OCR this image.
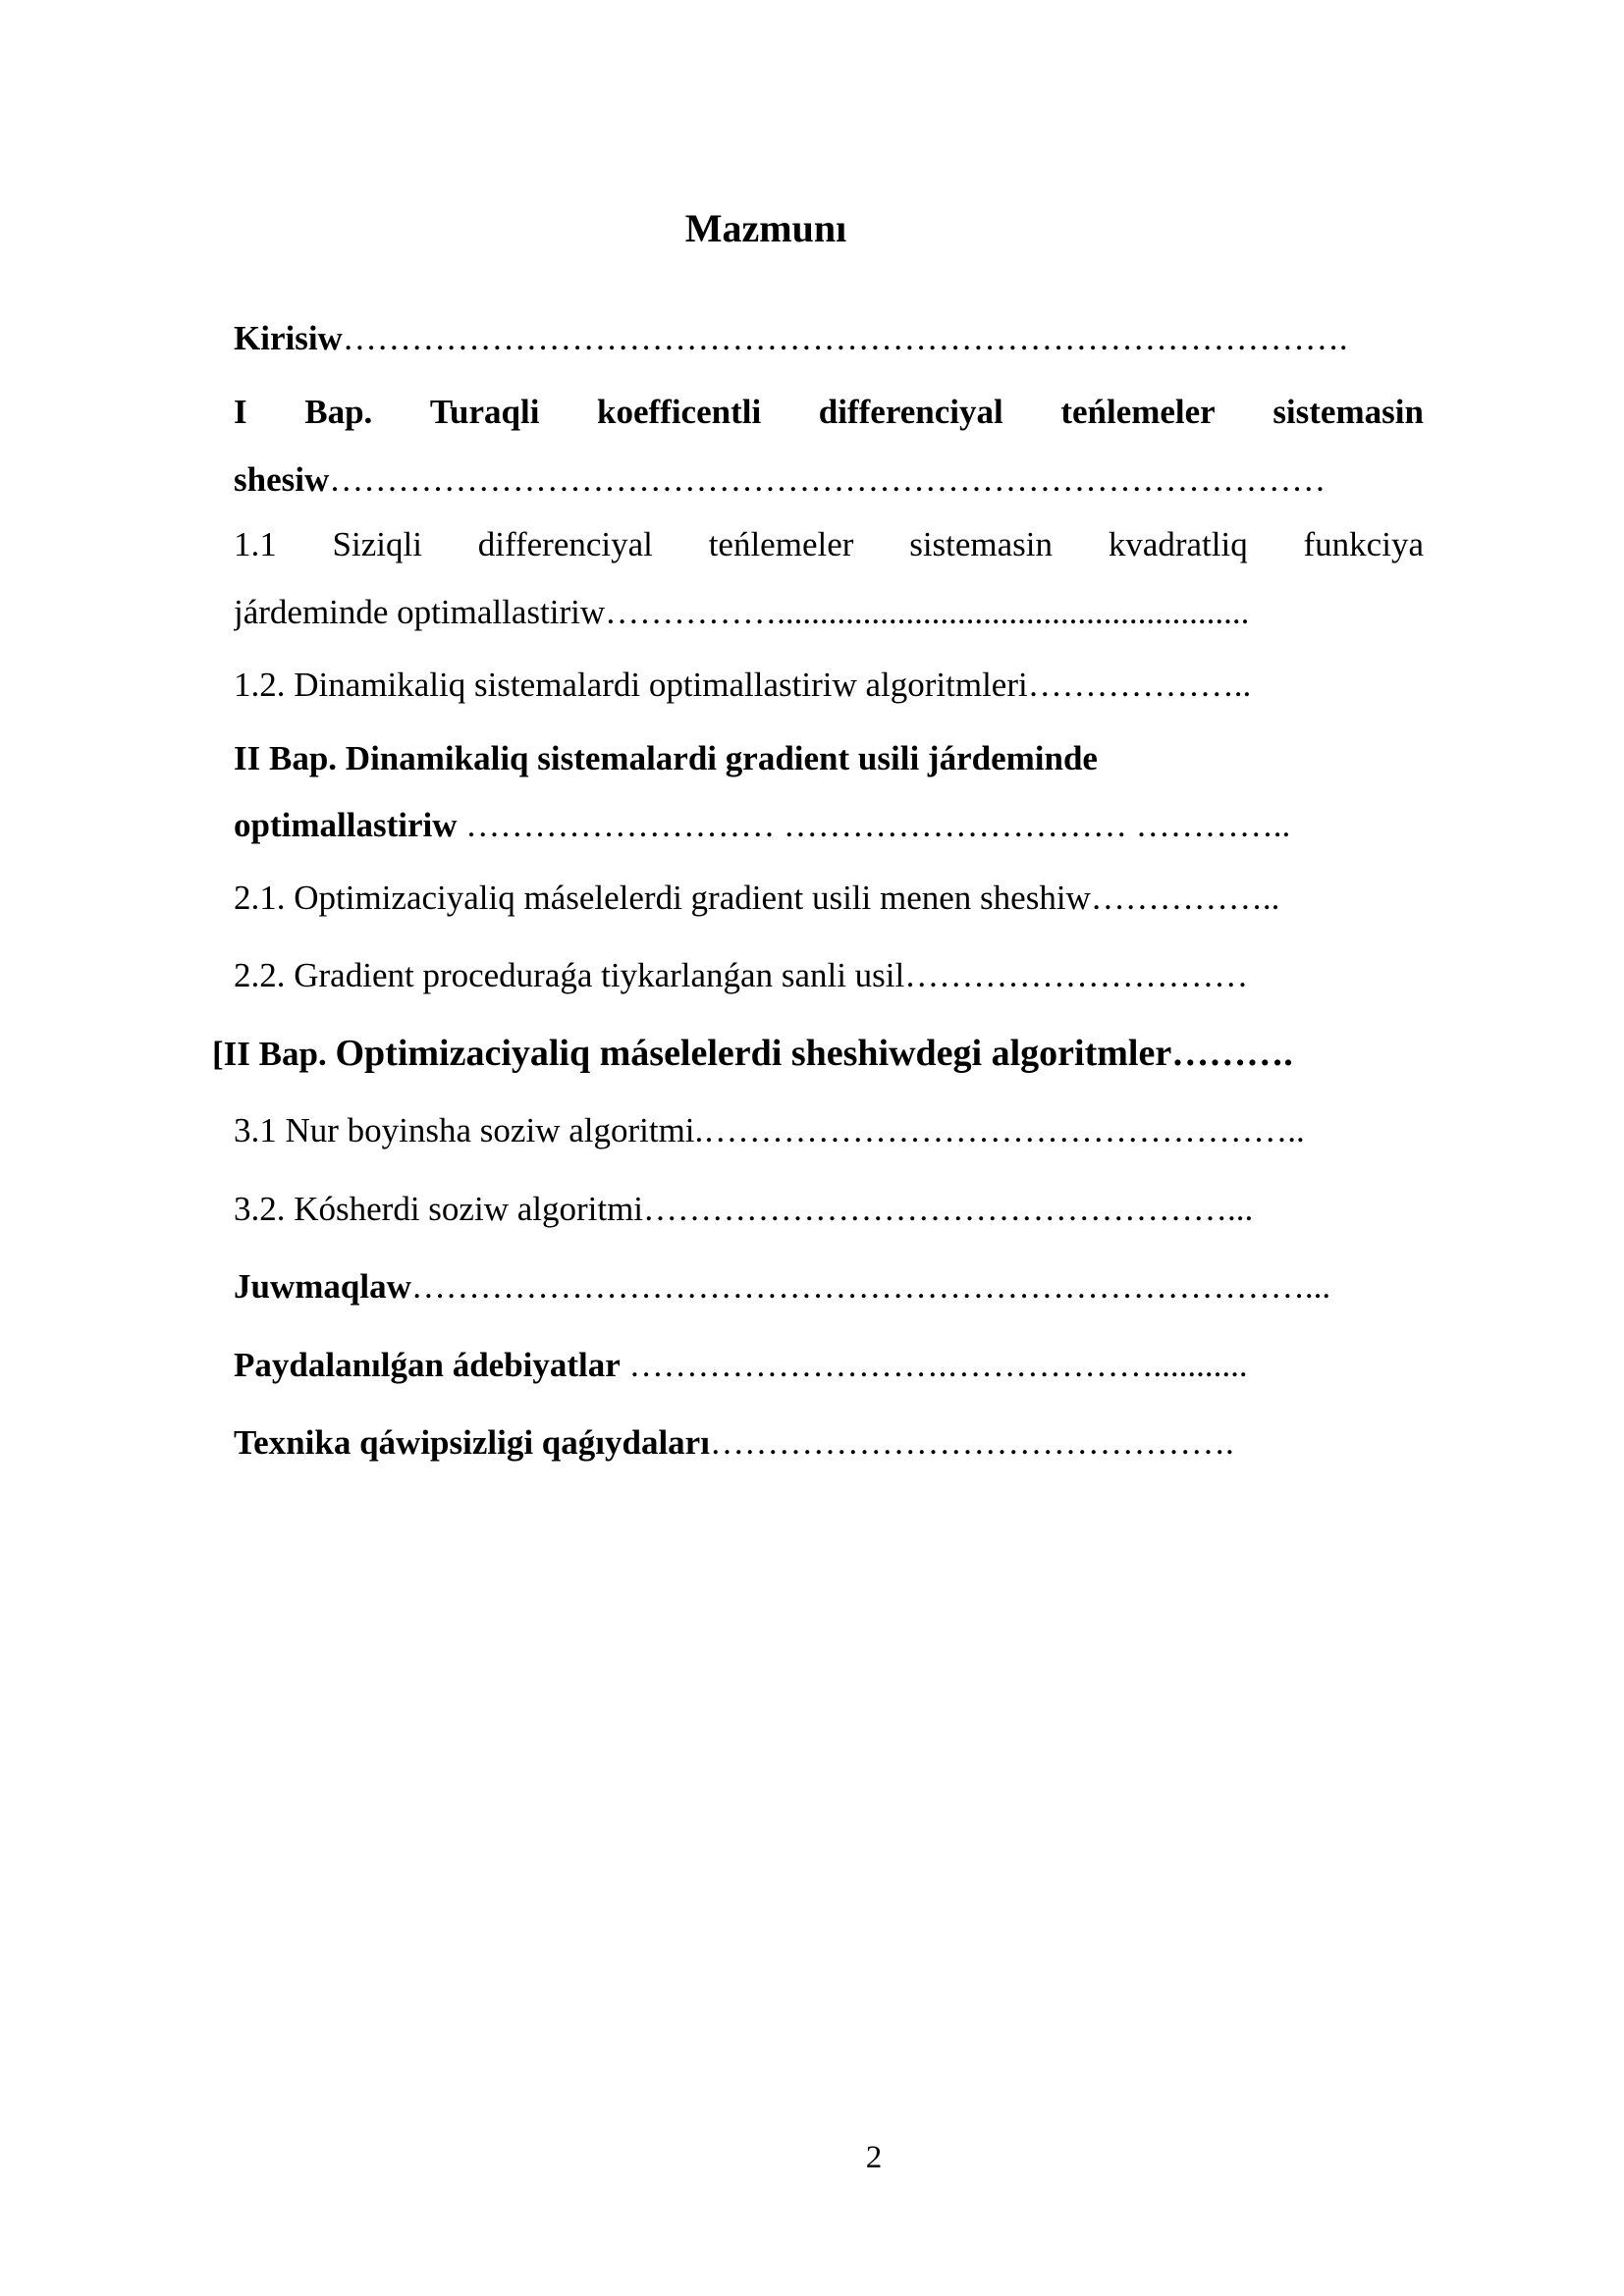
Mazmunı
Kirisiw…………………………………………………………………………….
I Bap. Turaqli koefficentli differenciyal teńlemeler sistemasin
shesiw……………………………………………………………………………
1.1 Siziqli differenciyal teńlemeler sistemasin kvadratliq funkciya
járdeminde optimallastiriw…………….......................................................
1.2. Dinamikaliq sistemalardi optimallastiriw algoritmleri………………..
II Bap. Dinamikaliq sistemalardi gradient usili járdeminde
optimallastiriw ……………………… ………………………… …………..
2.1. Optimizaciyaliq máselelerdi gradient usili menen sheshiw……………..
2.2. Gradient proceduraǵa tiykarlanǵan sanli usil…………………………
[II Bap. Optimizaciyaliq máselelerdi sheshiwdegi algoritmler……….
3.1 Nur boyinsha soziw algoritmi.……………………………………………..
3.2. Kósherdi soziw algoritmi……………………………………………...
Juwmaqlaw……………………………………………………………………...
Paydalanılǵan ádebiyatlar ……………………….………………...........
Texnika qáwipsizligi qaǵıydaları……………………………………….
2
